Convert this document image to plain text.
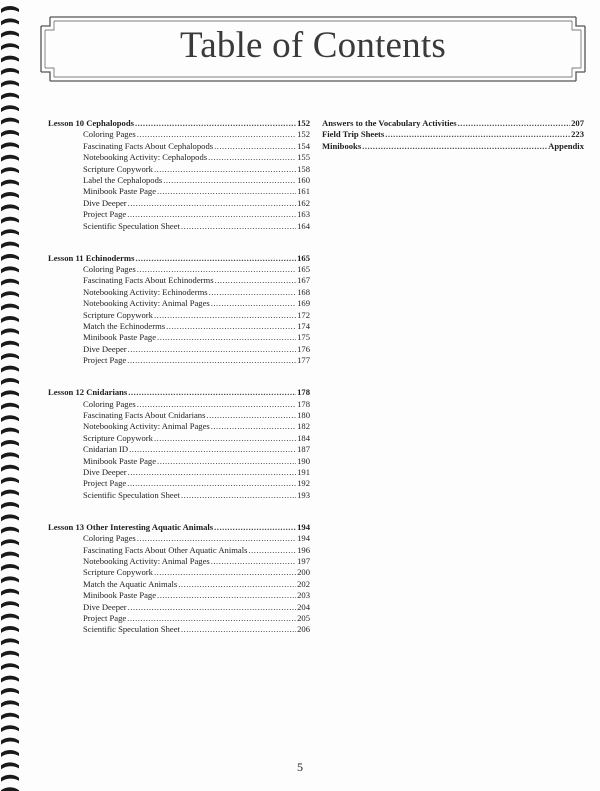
Table of Contents
Lesson 10 Cephalopods .....	152
Coloring Pages .....	152
Fascinating Facts About Cephalopods .....	154
Notebooking Activity: Cephalopods .....	155
Scripture Copywork .....	158
Label the Cephalopods .....	160
Minibook Paste Page .....	161
Dive Deeper .....	162
Project Page .....	163
Scientific Speculation Sheet .....	164
Lesson 11 Echinoderms .....	165
Coloring Pages .....	165
Fascinating Facts About Echinoderms .....	167
Notebooking Activity: Echinoderms .....	168
Notebooking Activity: Animal Pages .....	169
Scripture Copywork .....	172
Match the Echinoderms .....	174
Minibook Paste Page .....	175
Dive Deeper .....	176
Project Page .....	177
Lesson 12 Cnidarians .....	178
Coloring Pages .....	178
Fascinating Facts About Cnidarians .....	180
Notebooking Activity: Animal Pages .....	182
Scripture Copywork .....	184
Cnidarian ID .....	187
Minibook Paste Page .....	190
Dive Deeper .....	191
Project Page .....	192
Scientific Speculation Sheet .....	193
Lesson 13 Other Interesting Aquatic Animals .....	194
Coloring Pages .....	194
Fascinating Facts About Other Aquatic Animals .....	196
Notebooking Activity: Animal Pages .....	197
Scripture Copywork .....	200
Match the Aquatic Animals .....	202
Minibook Paste Page .....	203
Dive Deeper .....	204
Project Page .....	205
Scientific Speculation Sheet .....	206
Answers to the Vocabulary Activities .....	207
Field Trip Sheets .....	223
Minibooks .....	Appendix
5
